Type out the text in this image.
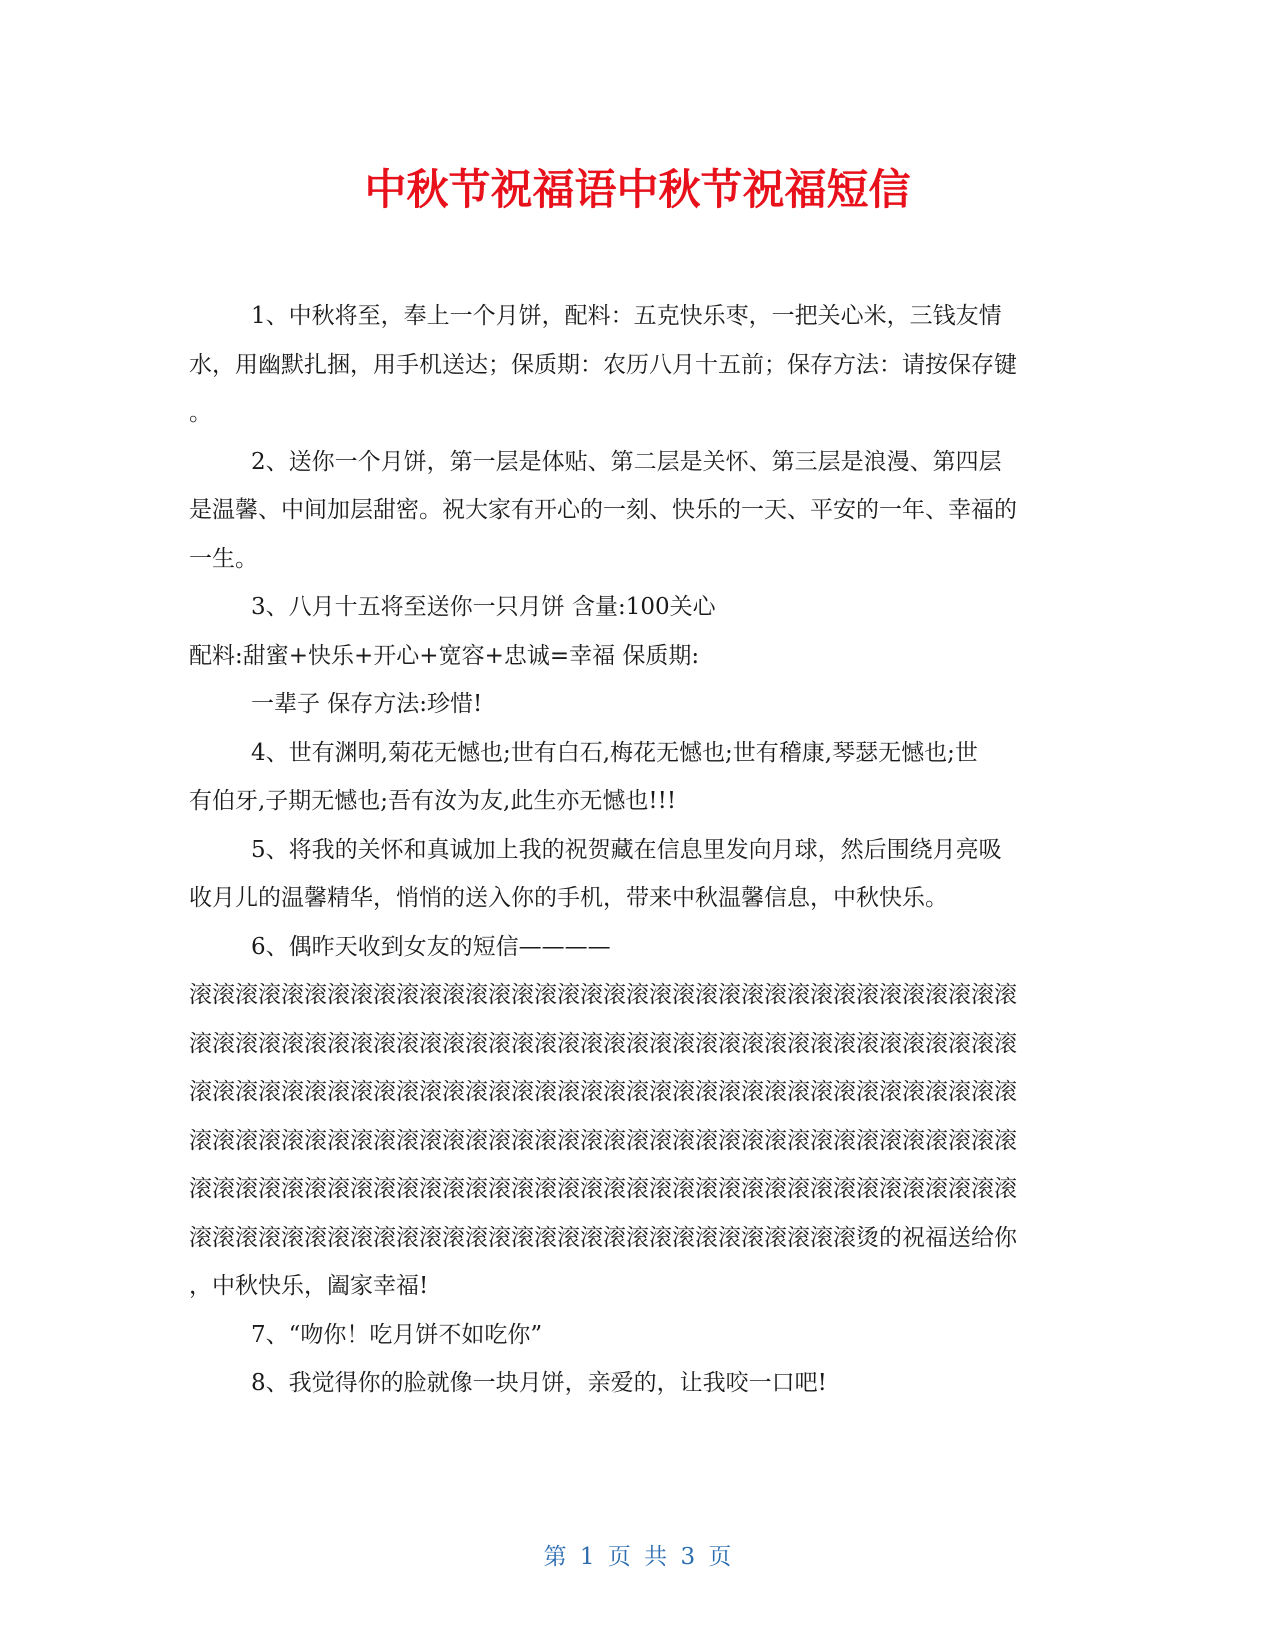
中秋节祝福语中秋节祝福短信
1、中秋将至，奉上一个月饼，配料：五克快乐枣，一把关心米，三钱友情
水，用幽默扎捆，用手机送达；保质期：农历八月十五前；保存方法：请按保存键
。
2、送你一个月饼，第一层是体贴、第二层是关怀、第三层是浪漫、第四层
是温馨、中间加层甜密。祝大家有开心的一刻、快乐的一天、平安的一年、幸福的
一生。
3、八月十五将至送你一只月饼 含量:100关心
配料:甜蜜+快乐+开心+宽容+忠诚=幸福 保质期:
一辈子 保存方法:珍惜!
4、世有渊明,菊花无憾也;世有白石,梅花无憾也;世有稽康,琴瑟无憾也;世
有伯牙,子期无憾也;吾有汝为友,此生亦无憾也!!!
5、将我的关怀和真诚加上我的祝贺藏在信息里发向月球，然后围绕月亮吸
收月儿的温馨精华，悄悄的送入你的手机，带来中秋温馨信息，中秋快乐。
6、偶昨天收到女友的短信————
滚滚滚滚滚滚滚滚滚滚滚滚滚滚滚滚滚滚滚滚滚滚滚滚滚滚滚滚滚滚滚滚滚滚滚滚
滚滚滚滚滚滚滚滚滚滚滚滚滚滚滚滚滚滚滚滚滚滚滚滚滚滚滚滚滚滚滚滚滚滚滚滚
滚滚滚滚滚滚滚滚滚滚滚滚滚滚滚滚滚滚滚滚滚滚滚滚滚滚滚滚滚滚滚滚滚滚滚滚
滚滚滚滚滚滚滚滚滚滚滚滚滚滚滚滚滚滚滚滚滚滚滚滚滚滚滚滚滚滚滚滚滚滚滚滚
滚滚滚滚滚滚滚滚滚滚滚滚滚滚滚滚滚滚滚滚滚滚滚滚滚滚滚滚滚滚滚滚滚滚滚滚
滚滚滚滚滚滚滚滚滚滚滚滚滚滚滚滚滚滚滚滚滚滚滚滚滚滚滚滚滚烫的祝福送给你
，中秋快乐，阖家幸福!
7、“吻你！吃月饼不如吃你”
8、我觉得你的脸就像一块月饼，亲爱的，让我咬一口吧!
第 1 页 共 3 页
